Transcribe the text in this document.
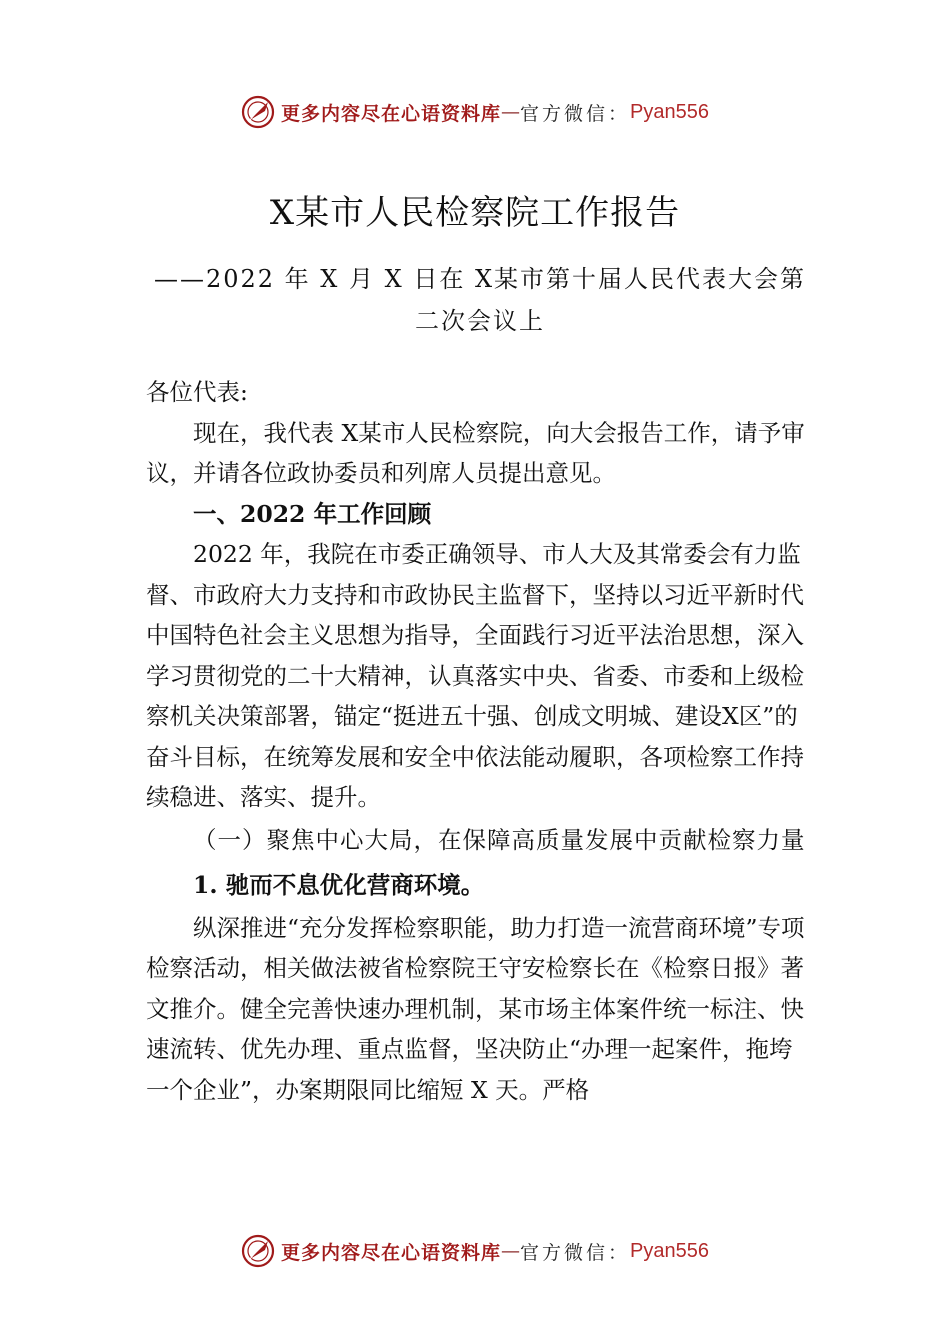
更多内容尽在心语资料库 — 官方微信： Pyan556
X某市人民检察院工作报告
——2022 年 X 月 X 日在 X某市第十届人民代表大会第
二次会议上

各位代表:

现在，我代表 X某市人民检察院，向大会报告工作，请予审议，并请各位政协委员和列席人员提出意见。

一、2022 年工作回顾

2022 年，我院在市委正确领导、市人大及其常委会有力监督、市政府大力支持和市政协民主监督下，坚持以习近平新时代中国特色社会主义思想为指导，全面践行习近平法治思想，深入学习贯彻党的二十大精神，认真落实中央、省委、市委和上级检察机关决策部署，锚定“挺进五十强、创成文明城、建设X区”的奋斗目标，在统筹发展和安全中依法能动履职，各项检察工作持续稳进、落实、提升。

（一）聚焦中心大局，在保障高质量发展中贡献检察力量

1. 驰而不息优化营商环境。

纵深推进“充分发挥检察职能，助力打造一流营商环境”专项检察活动，相关做法被省检察院王守安检察长在《检察日报》著文推介。健全完善快速办理机制，某市场主体案件统一标注、快速流转、优先办理、重点监督，坚决防止“办理一起案件，拖垮一个企业”，办案期限同比缩短 X 天。严格

更多内容尽在心语资料库 — 官方微信： Pyan556
